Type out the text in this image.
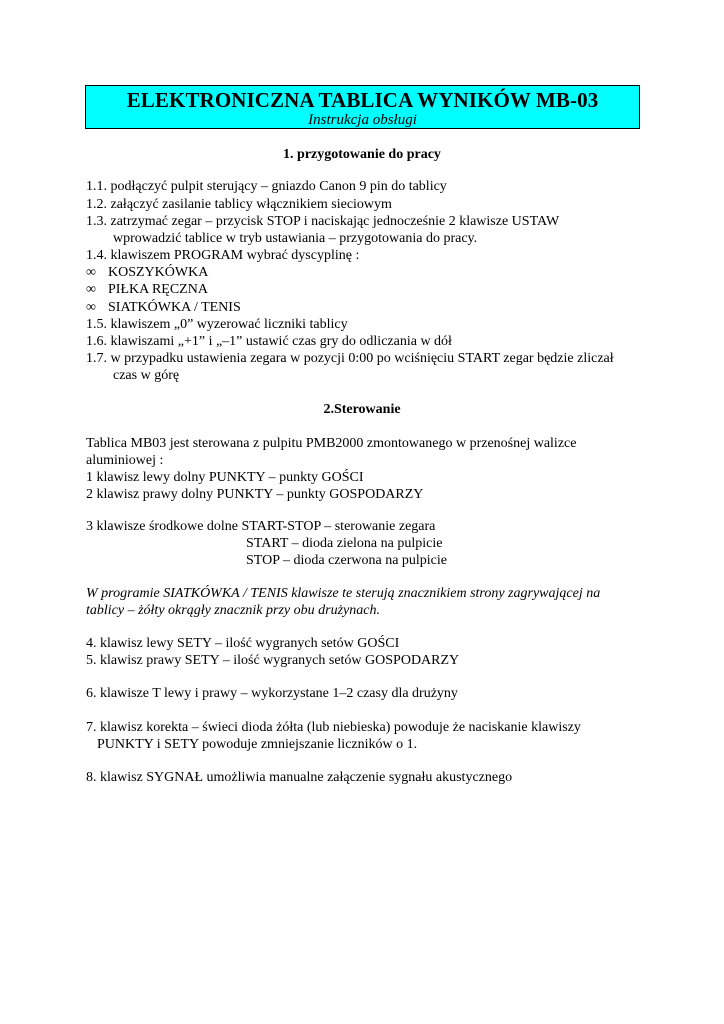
ELEKTRONICZNA TABLICA WYNIKÓW MB-03
Instrukcja obsługi
1. przygotowanie do pracy
1.1. podłączyć pulpit sterujący – gniazdo Canon 9 pin do tablicy
1.2. załączyć zasilanie tablicy włącznikiem sieciowym
1.3. zatrzymać zegar – przycisk STOP i naciskając jednocześnie 2 klawisze USTAW
wprowadzić tablice w tryb ustawiania – przygotowania do pracy.
1.4. klawiszem PROGRAM wybrać dyscyplinę :
∞ KOSZYKÓWKA
∞ PIŁKA RĘCZNA
∞ SIATKÓWKA / TENIS
1.5. klawiszem „0” wyzerować liczniki tablicy
1.6. klawiszami „+1” i „–1” ustawić czas gry do odliczania w dół
1.7. w przypadku ustawienia zegara w pozycji 0:00 po wciśnięciu START zegar będzie zliczał
czas w górę
2.Sterowanie
Tablica MB03 jest sterowana z pulpitu PMB2000 zmontowanego w przenośnej walizce
aluminiowej :
1 klawisz lewy dolny PUNKTY – punkty GOŚCI
2 klawisz prawy dolny PUNKTY – punkty GOSPODARZY
3 klawisze środkowe dolne START-STOP – sterowanie zegara
START – dioda zielona na pulpicie
STOP – dioda czerwona na pulpicie
W programie SIATKÓWKA / TENIS klawisze te sterują znacznikiem strony zagrywającej na
tablicy – żółty okrągły znacznik przy obu drużynach.
4. klawisz lewy SETY – ilość wygranych setów GOŚCI
5. klawisz prawy SETY – ilość wygranych setów GOSPODARZY
6. klawisze T lewy i prawy – wykorzystane 1–2 czasy dla drużyny
7. klawisz korekta – świeci dioda żółta (lub niebieska) powoduje że naciskanie klawiszy
PUNKTY i SETY powoduje zmniejszanie liczników o 1.
8. klawisz SYGNAŁ umożliwia manualne załączenie sygnału akustycznego
